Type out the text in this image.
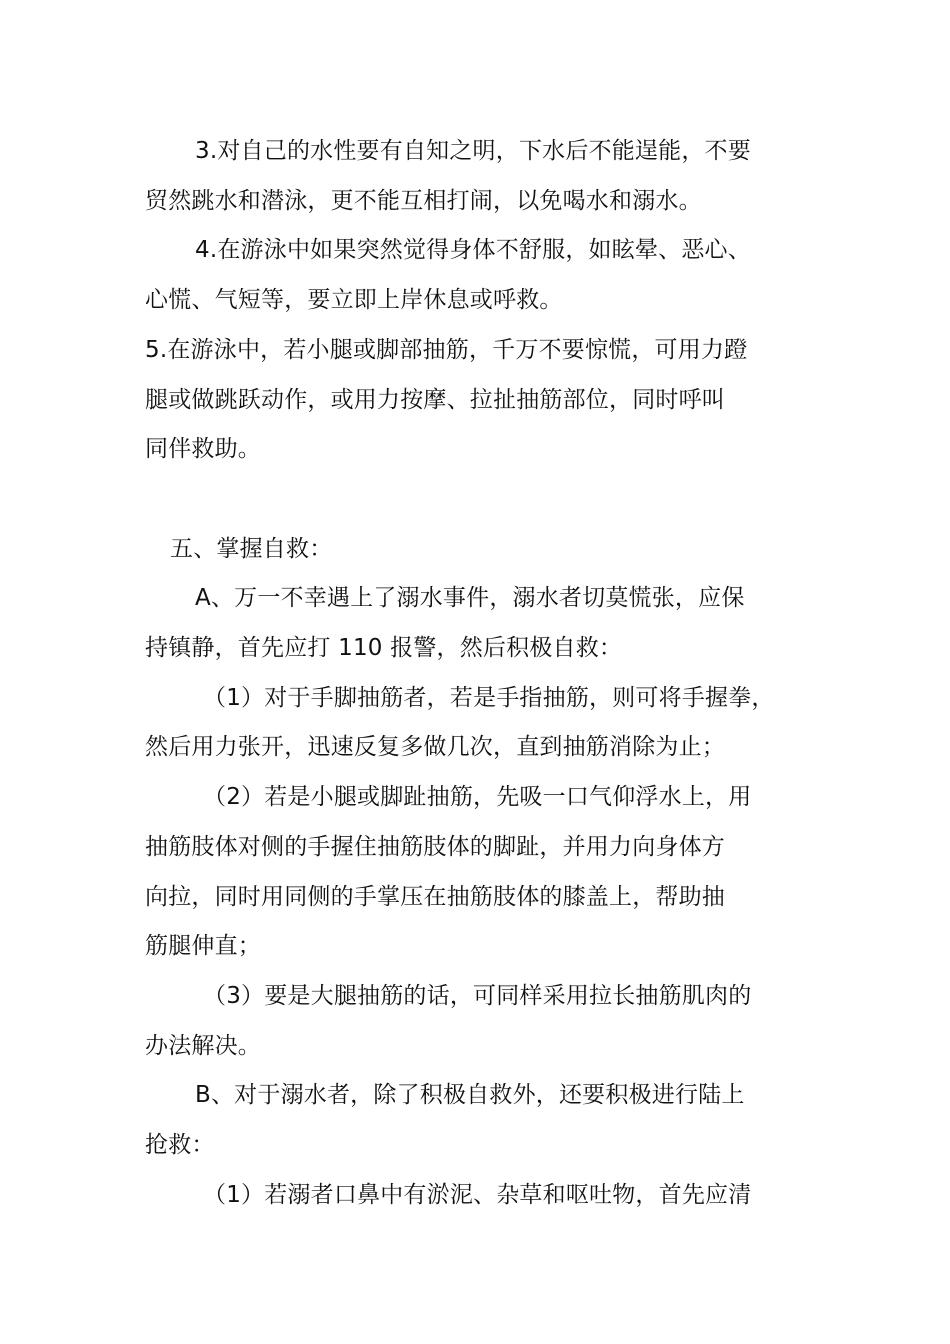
3.对自己的水性要有自知之明，下水后不能逞能，不要

贸然跳水和潜泳，更不能互相打闹，以免喝水和溺水。

4.在游泳中如果突然觉得身体不舒服，如眩晕、恶心、

心慌、气短等，要立即上岸休息或呼救。

5.在游泳中，若小腿或脚部抽筋，千万不要惊慌，可用力蹬

腿或做跳跃动作，或用力按摩、拉扯抽筋部位，同时呼叫

同伴救助。

五、掌握自救：

A、万一不幸遇上了溺水事件，溺水者切莫慌张，应保

持镇静，首先应打 110 报警，然后积极自救：

（1）对于手脚抽筋者，若是手指抽筋，则可将手握拳，

然后用力张开，迅速反复多做几次，直到抽筋消除为止；

（2）若是小腿或脚趾抽筋，先吸一口气仰浮水上，用

抽筋肢体对侧的手握住抽筋肢体的脚趾，并用力向身体方

向拉，同时用同侧的手掌压在抽筋肢体的膝盖上，帮助抽

筋腿伸直；

（3）要是大腿抽筋的话，可同样采用拉长抽筋肌肉的

办法解决。

B、对于溺水者，除了积极自救外，还要积极进行陆上

抢救：

（1）若溺者口鼻中有淤泥、杂草和呕吐物，首先应清
